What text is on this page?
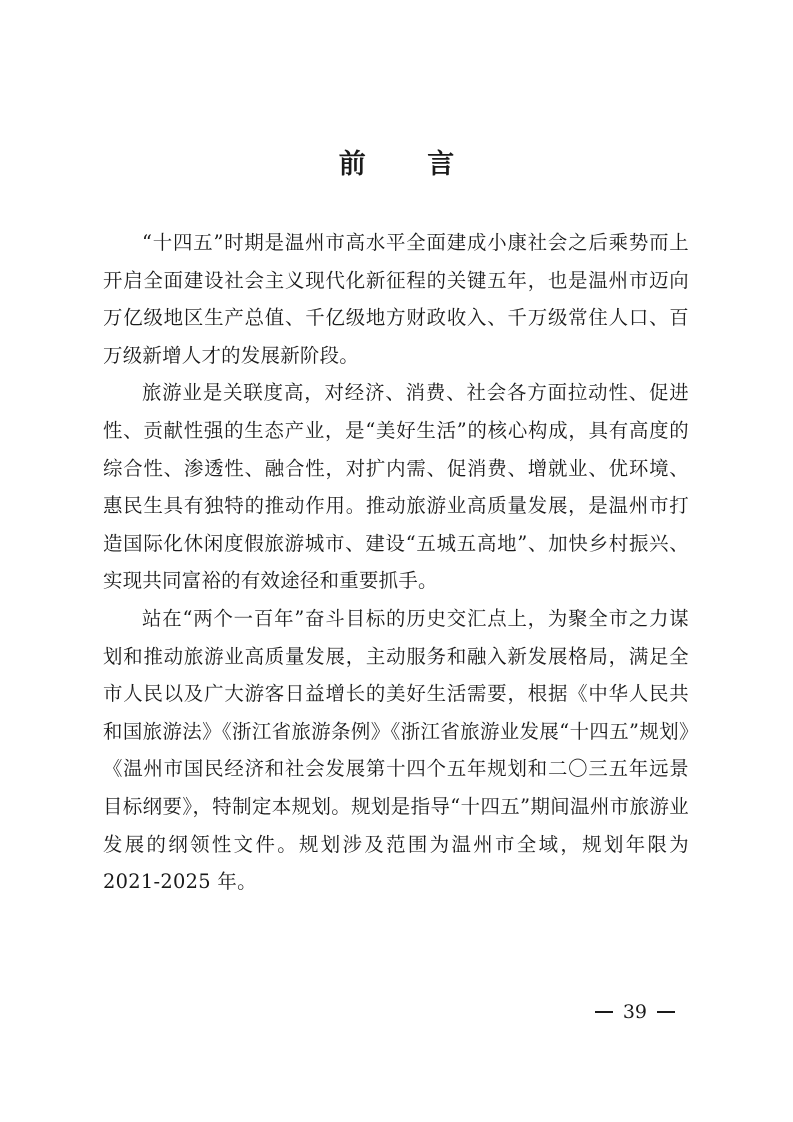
前 言

“十四五”时期是温州市高水平全面建成小康社会之后乘势而上开启全面建设社会主义现代化新征程的关键五年，也是温州市迈向万亿级地区生产总值、千亿级地方财政收入、千万级常住人口、百万级新增人才的发展新阶段。

旅游业是关联度高，对经济、消费、社会各方面拉动性、促进性、贡献性强的生态产业，是“美好生活”的核心构成，具有高度的综合性、渗透性、融合性，对扩内需、促消费、增就业、优环境、惠民生具有独特的推动作用。推动旅游业高质量发展，是温州市打造国际化休闲度假旅游城市、建设“五城五高地”、加快乡村振兴、实现共同富裕的有效途径和重要抓手。

站在“两个一百年”奋斗目标的历史交汇点上，为聚全市之力谋划和推动旅游业高质量发展，主动服务和融入新发展格局，满足全市人民以及广大游客日益增长的美好生活需要，根据《中华人民共和国旅游法》《浙江省旅游条例》《浙江省旅游业发展“十四五”规划》《温州市国民经济和社会发展第十四个五年规划和二〇三五年远景目标纲要》，特制定本规划。规划是指导“十四五”期间温州市旅游业发展的纲领性文件。规划涉及范围为温州市全域，规划年限为 2021-2025 年。

39
